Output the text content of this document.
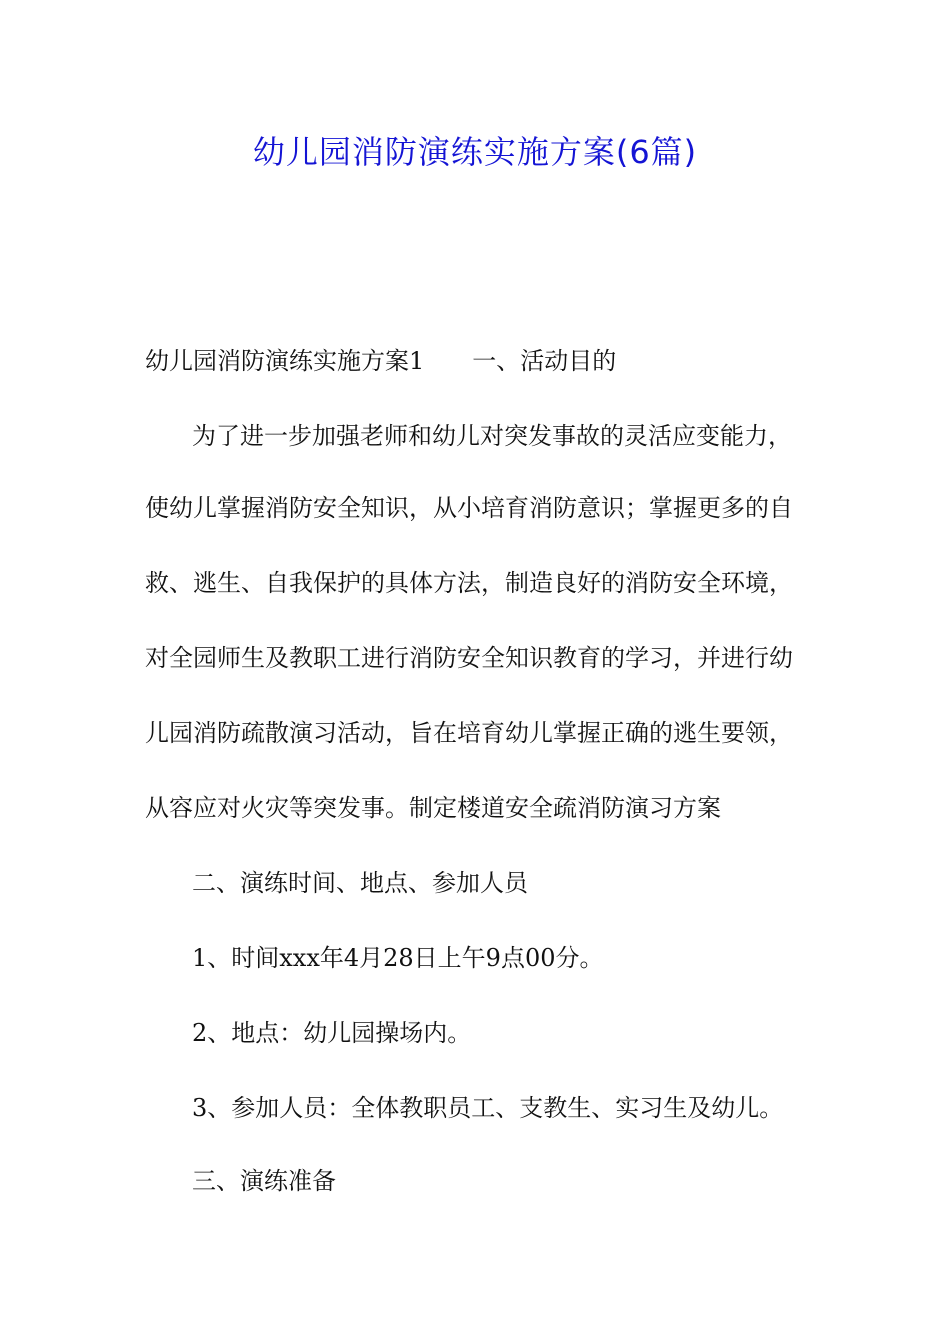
幼儿园消防演练实施方案(6篇)
幼儿园消防演练实施方案1 一、活动目的
为了进一步加强老师和幼儿对突发事故的灵活应变能力，
使幼儿掌握消防安全知识，从小培育消防意识；掌握更多的自
救、逃生、自我保护的具体方法，制造良好的消防安全环境，
对全园师生及教职工进行消防安全知识教育的学习，并进行幼
儿园消防疏散演习活动，旨在培育幼儿掌握正确的逃生要领，
从容应对火灾等突发事。制定楼道安全疏消防演习方案
二、演练时间、地点、参加人员
1、时间xxx年4月28日上午9点00分。
2、地点：幼儿园操场内。
3、参加人员：全体教职员工、支教生、实习生及幼儿。
三、演练准备
